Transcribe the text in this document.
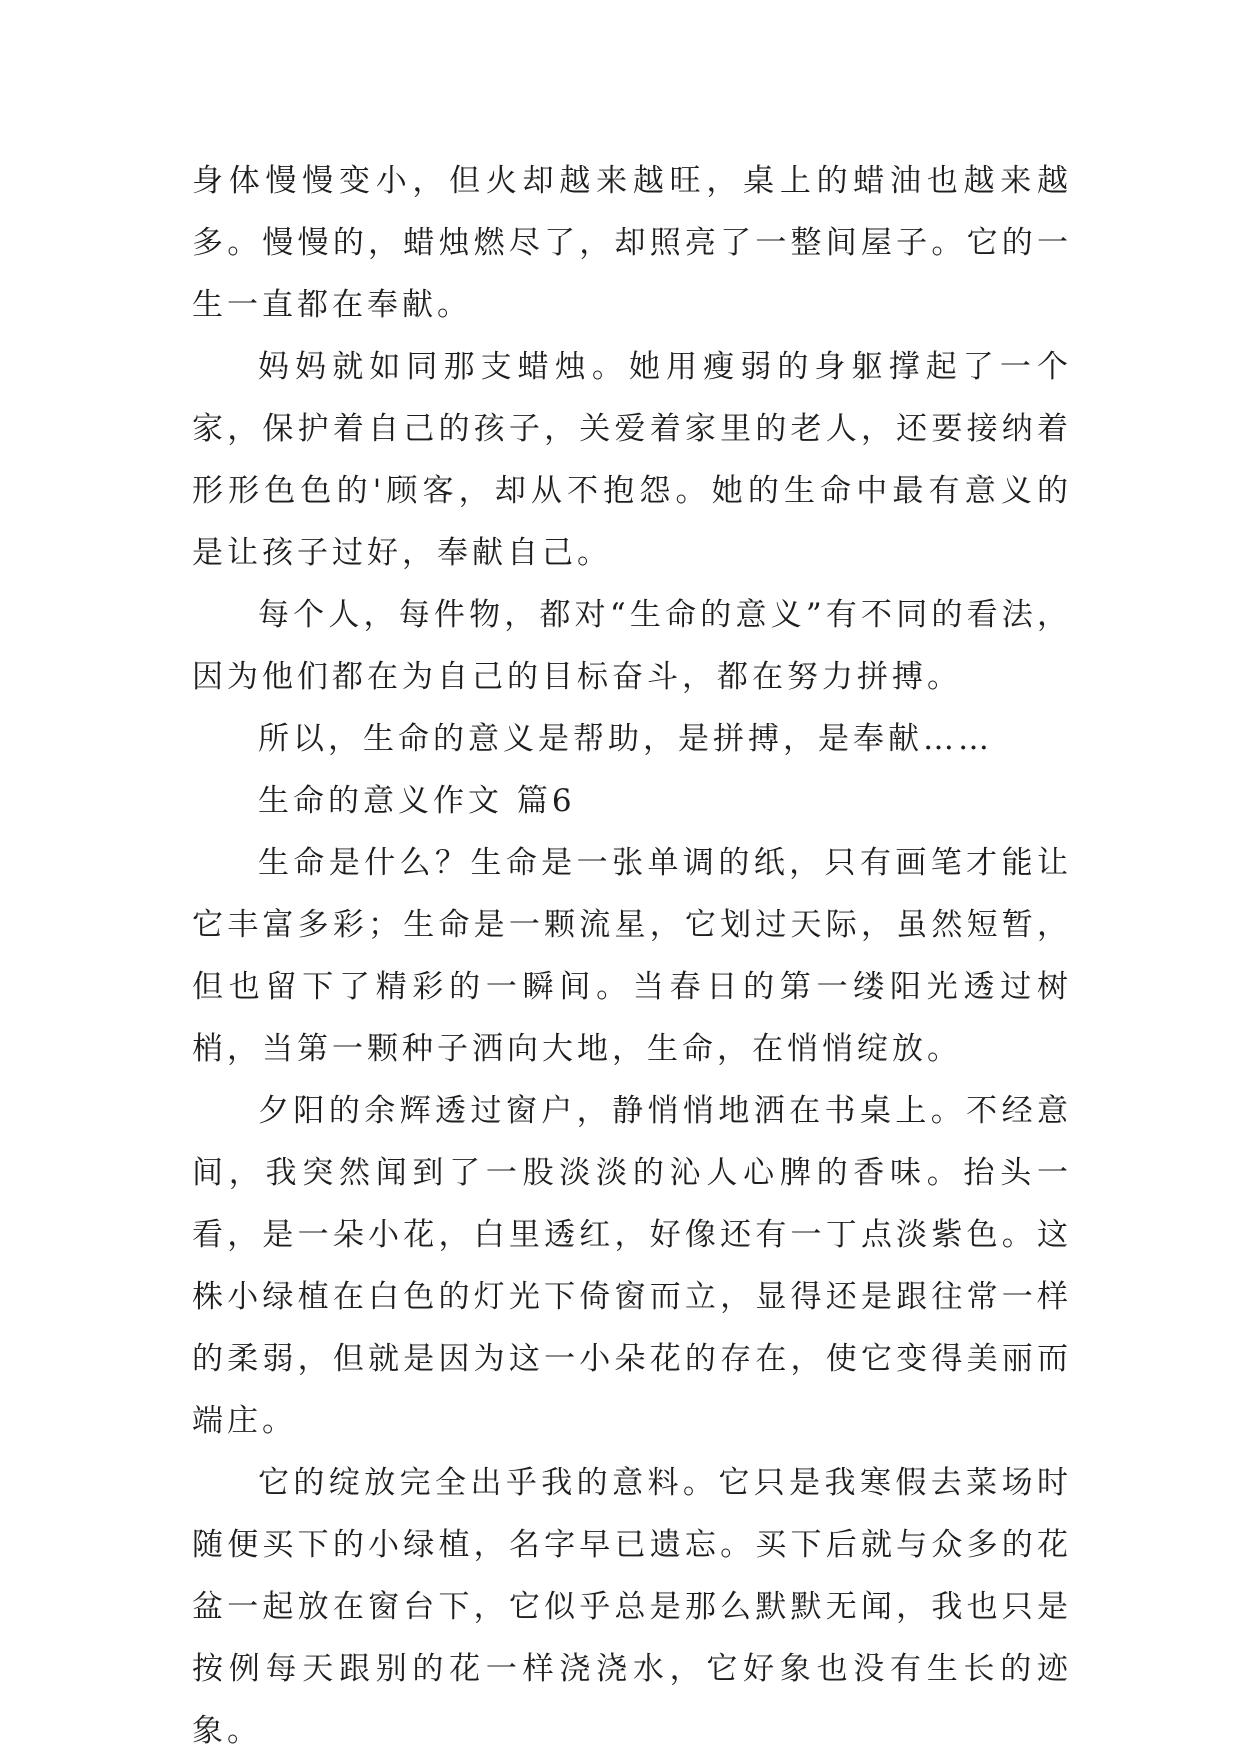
身体慢慢变小，但火却越来越旺，桌上的蜡油也越来越多。慢慢的，蜡烛燃尽了，却照亮了一整间屋子。它的一生一直都在奉献。

妈妈就如同那支蜡烛。她用瘦弱的身躯撑起了一个家，保护着自己的孩子，关爱着家里的老人，还要接纳着形形色色的'顾客，却从不抱怨。她的生命中最有意义的是让孩子过好，奉献自己。

每个人，每件物，都对“生命的意义”有不同的看法，因为他们都在为自己的目标奋斗，都在努力拼搏。

所以，生命的意义是帮助，是拼搏，是奉献……

生命的意义作文 篇6

生命是什么？生命是一张单调的纸，只有画笔才能让它丰富多彩；生命是一颗流星，它划过天际，虽然短暂，但也留下了精彩的一瞬间。当春日的第一缕阳光透过树梢，当第一颗种子洒向大地，生命，在悄悄绽放。

夕阳的余辉透过窗户，静悄悄地洒在书桌上。不经意间，我突然闻到了一股淡淡的沁人心脾的香味。抬头一看，是一朵小花，白里透红，好像还有一丁点淡紫色。这株小绿植在白色的灯光下倚窗而立，显得还是跟往常一样的柔弱，但就是因为这一小朵花的存在，使它变得美丽而端庄。

它的绽放完全出乎我的意料。它只是我寒假去菜场时随便买下的小绿植，名字早已遗忘。买下后就与众多的花盆一起放在窗台下，它似乎总是那么默默无闻，我也只是按例每天跟别的花一样浇浇水，它好象也没有生长的迹象。
